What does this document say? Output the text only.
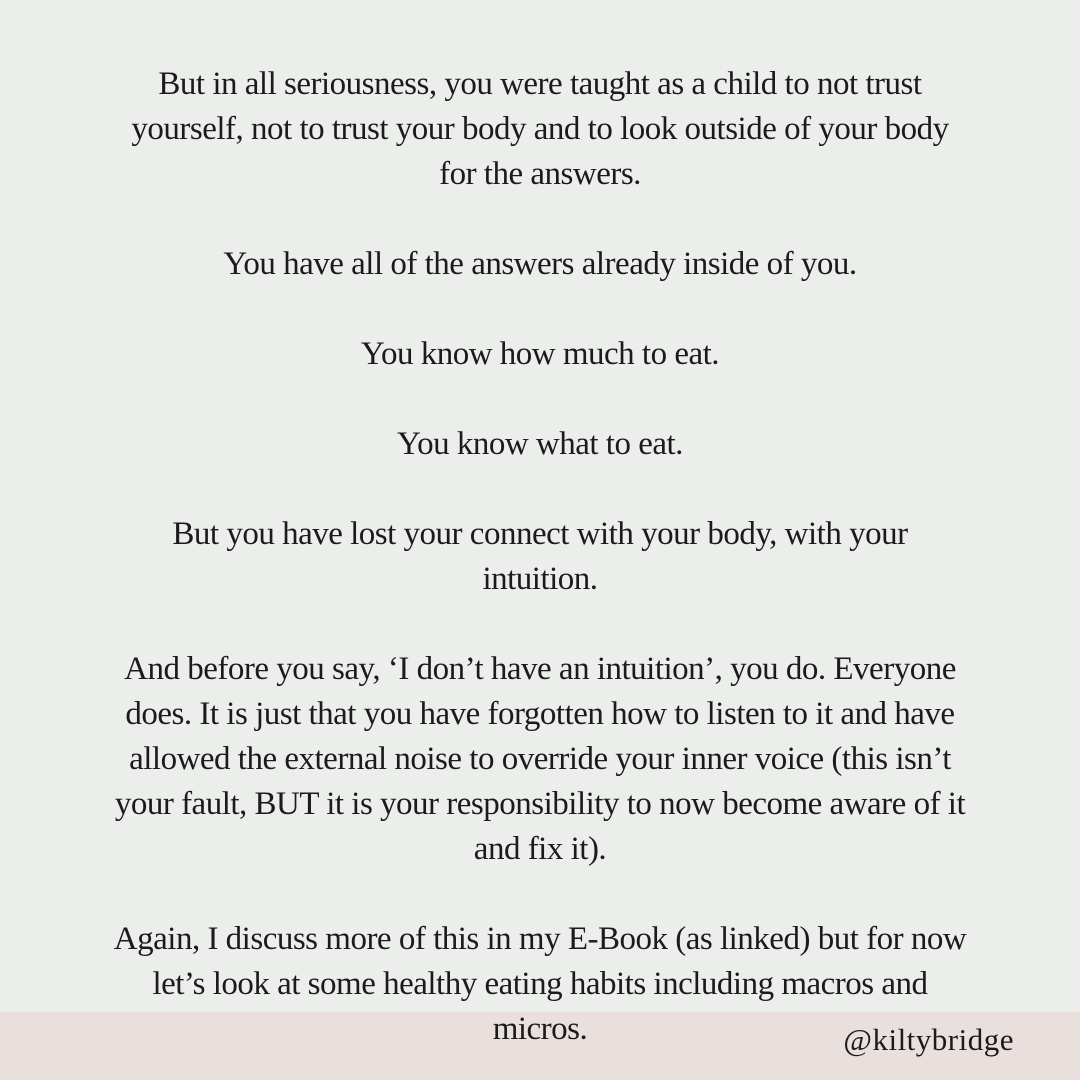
But in all seriousness, you were taught as a child to not trust
yourself, not to trust your body and to look outside of your body
for the answers.

You have all of the answers already inside of you.

You know how much to eat.

You know what to eat.

But you have lost your connect with your body, with your
intuition.

And before you say, ‘I don’t have an intuition’, you do. Everyone
does. It is just that you have forgotten how to listen to it and have
allowed the external noise to override your inner voice (this isn’t
your fault, BUT it is your responsibility to now become aware of it
and fix it).

Again, I discuss more of this in my E-Book (as linked) but for now
let’s look at some healthy eating habits including macros and
micros.	@kiltybridge
